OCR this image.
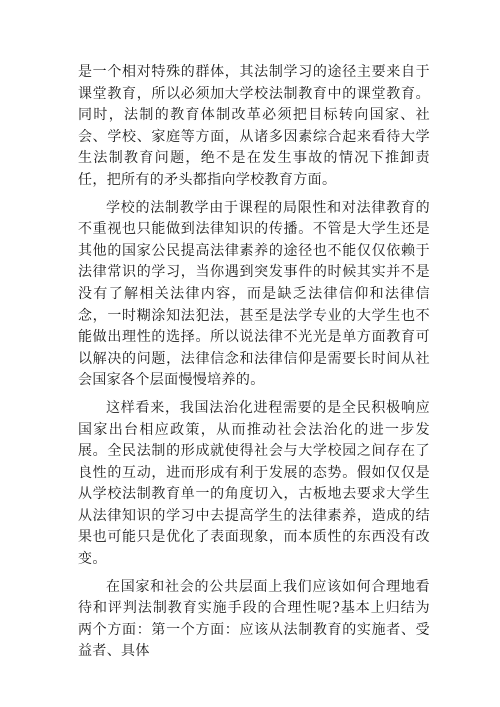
是一个相对特殊的群体，其法制学习的途径主要来自于课堂教育，所以必须加大学校法制教育中的课堂教育。同时，法制的教育体制改革必须把目标转向国家、社会、学校、家庭等方面，从诸多因素综合起来看待大学生法制教育问题，绝不是在发生事故的情况下推卸责任，把所有的矛头都指向学校教育方面。

学校的法制教学由于课程的局限性和对法律教育的不重视也只能做到法律知识的传播。不管是大学生还是其他的国家公民提高法律素养的途径也不能仅仅依赖于法律常识的学习，当你遇到突发事件的时候其实并不是没有了解相关法律内容，而是缺乏法律信仰和法律信念，一时糊涂知法犯法，甚至是法学专业的大学生也不能做出理性的选择。所以说法律不光光是单方面教育可以解决的问题，法律信念和法律信仰是需要长时间从社会国家各个层面慢慢培养的。

这样看来，我国法治化进程需要的是全民积极响应国家出台相应政策，从而推动社会法治化的进一步发展。全民法制的形成就使得社会与大学校园之间存在了良性的互动，进而形成有利于发展的态势。假如仅仅是从学校法制教育单一的角度切入，古板地去要求大学生从法律知识的学习中去提高学生的法律素养，造成的结果也可能只是优化了表面现象，而本质性的东西没有改变。

在国家和社会的公共层面上我们应该如何合理地看待和评判法制教育实施手段的合理性呢?基本上归结为两个方面：第一个方面：应该从法制教育的实施者、受益者、具体
